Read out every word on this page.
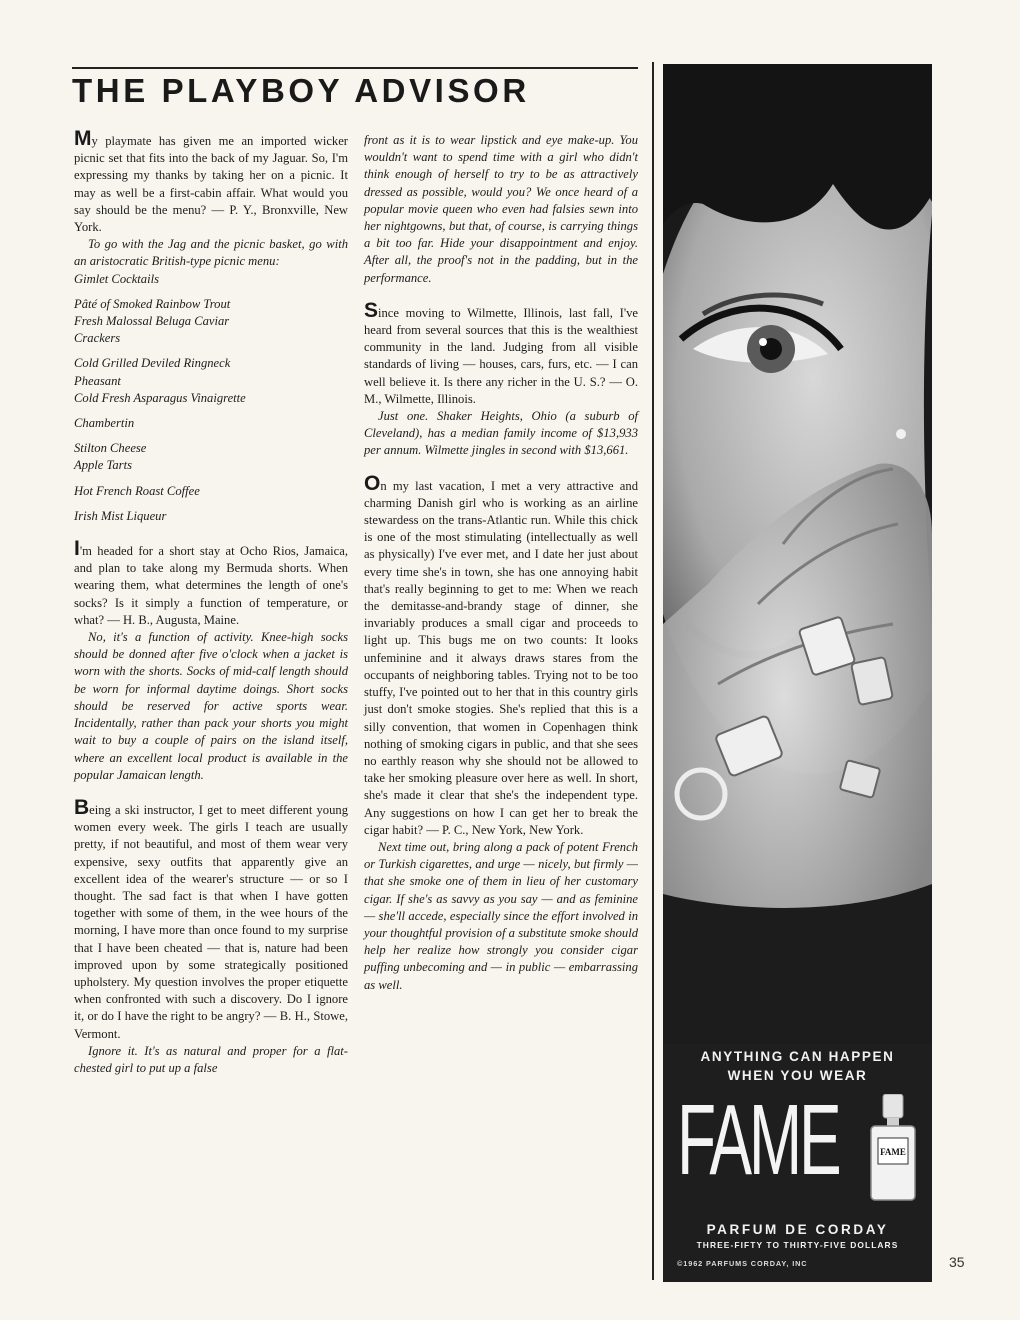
THE PLAYBOY ADVISOR

My playmate has given me an imported wicker picnic set that fits into the back of my Jaguar. So, I'm expressing my thanks by taking her on a picnic. It may as well be a first-cabin affair. What would you say should be the menu? — P. Y., Bronxville, New York.

To go with the Jag and the picnic basket, go with an aristocratic British-type picnic menu:

Gimlet Cocktails

Pâté of Smoked Rainbow Trout

Fresh Malossal Beluga Caviar

Crackers

Cold Grilled Deviled Ringneck

Pheasant

Cold Fresh Asparagus Vinaigrette

Chambertin

Stilton Cheese

Apple Tarts

Hot French Roast Coffee

Irish Mist Liqueur

I'm headed for a short stay at Ocho Rios, Jamaica, and plan to take along my Bermuda shorts. When wearing them, what determines the length of one's socks? Is it simply a function of temperature, or what? — H. B., Augusta, Maine.

No, it's a function of activity. Knee-high socks should be donned after five o'clock when a jacket is worn with the shorts. Socks of mid-calf length should be worn for informal daytime doings. Short socks should be reserved for active sports wear. Incidentally, rather than pack your shorts you might wait to buy a couple of pairs on the island itself, where an excellent local product is available in the popular Jamaican length.

Being a ski instructor, I get to meet different young women every week. The girls I teach are usually pretty, if not beautiful, and most of them wear very expensive, sexy outfits that apparently give an excellent idea of the wearer's structure — or so I thought. The sad fact is that when I have gotten together with some of them, in the wee hours of the morning, I have more than once found to my surprise that I have been cheated — that is, nature had been improved upon by some strategically positioned upholstery. My question involves the proper etiquette when confronted with such a discovery. Do I ignore it, or do I have the right to be angry? — B. H., Stowe, Vermont.

Ignore it. It's as natural and proper for a flat-chested girl to put up a false

front as it is to wear lipstick and eye make-up. You wouldn't want to spend time with a girl who didn't think enough of herself to try to be as attractively dressed as possible, would you? We once heard of a popular movie queen who even had falsies sewn into her nightgowns, but that, of course, is carrying things a bit too far. Hide your disappointment and enjoy. After all, the proof's not in the padding, but in the performance.

Since moving to Wilmette, Illinois, last fall, I've heard from several sources that this is the wealthiest community in the land. Judging from all visible standards of living — houses, cars, furs, etc. — I can well believe it. Is there any richer in the U. S.? — O. M., Wilmette, Illinois.

Just one. Shaker Heights, Ohio (a suburb of Cleveland), has a median family income of $13,933 per annum. Wilmette jingles in second with $13,661.

On my last vacation, I met a very attractive and charming Danish girl who is working as an airline stewardess on the trans-Atlantic run. While this chick is one of the most stimulating (intellectually as well as physically) I've ever met, and I date her just about every time she's in town, she has one annoying habit that's really beginning to get to me: When we reach the demitasse-and-brandy stage of dinner, she invariably produces a small cigar and proceeds to light up. This bugs me on two counts: It looks unfeminine and it always draws stares from the occupants of neighboring tables. Trying not to be too stuffy, I've pointed out to her that in this country girls just don't smoke stogies. She's replied that this is a silly convention, that women in Copenhagen think nothing of smoking cigars in public, and that she sees no earthly reason why she should not be allowed to take her smoking pleasure over here as well. In short, she's made it clear that she's the independent type. Any suggestions on how I can get her to break the cigar habit? — P. C., New York, New York.

Next time out, bring along a pack of potent French or Turkish cigarettes, and urge — nicely, but firmly — that she smoke one of them in lieu of her customary cigar. If she's as savvy as you say — and as feminine — she'll accede, especially since the effort involved in your thoughtful provision of a substitute smoke should help her realize how strongly you consider cigar puffing unbecoming and — in public — embarrassing as well.

ANYTHING CAN HAPPEN
WHEN YOU WEAR
FAME	FAME
PARFUM DE CORDAY
THREE-FIFTY TO THIRTY-FIVE DOLLARS
©1962 PARFUMS CORDAY, INC	35
